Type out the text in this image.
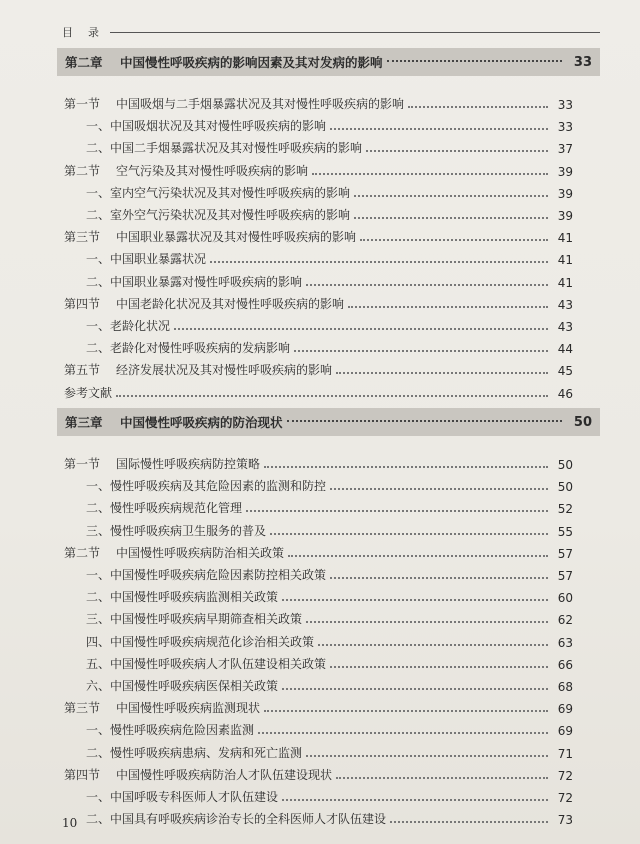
目	录
第二章	中国慢性呼吸疾病的影响因素及其对发病的影响	33
第一节	中国吸烟与二手烟暴露状况及其对慢性呼吸疾病的影响	33
一、中国吸烟状况及其对慢性呼吸疾病的影响	33
二、中国二手烟暴露状况及其对慢性呼吸疾病的影响	37
第二节	空气污染及其对慢性呼吸疾病的影响	39
一、室内空气污染状况及其对慢性呼吸疾病的影响	39
二、室外空气污染状况及其对慢性呼吸疾病的影响	39
第三节	中国职业暴露状况及其对慢性呼吸疾病的影响	41
一、中国职业暴露状况	41
二、中国职业暴露对慢性呼吸疾病的影响	41
第四节	中国老龄化状况及其对慢性呼吸疾病的影响	43
一、老龄化状况	43
二、老龄化对慢性呼吸疾病的发病影响	44
第五节	经济发展状况及其对慢性呼吸疾病的影响	45
参考文献	46
第三章	中国慢性呼吸疾病的防治现状	50
第一节	国际慢性呼吸疾病防控策略	50
一、慢性呼吸疾病及其危险因素的监测和防控	50
二、慢性呼吸疾病规范化管理	52
三、慢性呼吸疾病卫生服务的普及	55
第二节	中国慢性呼吸疾病防治相关政策	57
一、中国慢性呼吸疾病危险因素防控相关政策	57
二、中国慢性呼吸疾病监测相关政策	60
三、中国慢性呼吸疾病早期筛查相关政策	62
四、中国慢性呼吸疾病规范化诊治相关政策	63
五、中国慢性呼吸疾病人才队伍建设相关政策	66
六、中国慢性呼吸疾病医保相关政策	68
第三节	中国慢性呼吸疾病监测现状	69
一、慢性呼吸疾病危险因素监测	69
二、慢性呼吸疾病患病、发病和死亡监测	71
第四节	中国慢性呼吸疾病防治人才队伍建设现状	72
一、中国呼吸专科医师人才队伍建设	72
二、中国具有呼吸疾病诊治专长的全科医师人才队伍建设	73
10
